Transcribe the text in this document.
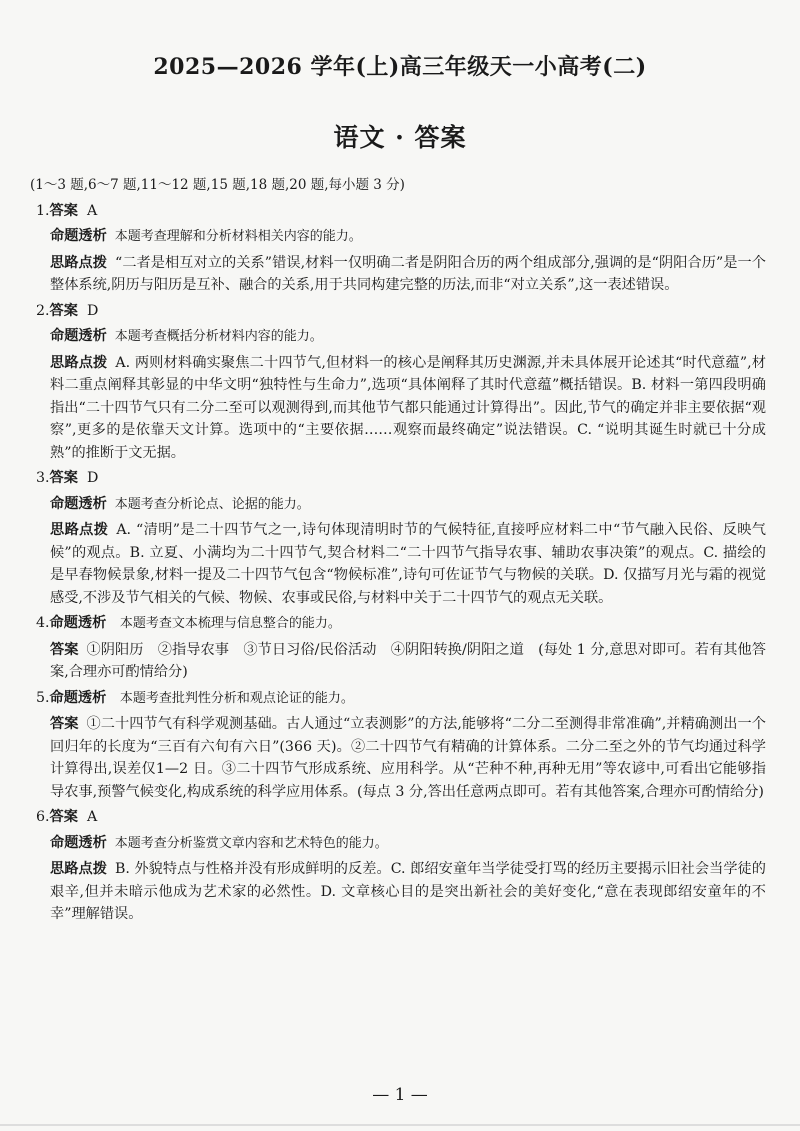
2025—2026 学年(上)高三年级天一小高考(二)
语文 · 答案
(1～3 题,6～7 题,11～12 题,15 题,18 题,20 题,每小题 3 分)
1.答案 A
命题透析 本题考查理解和分析材料相关内容的能力。
思路点拨 “二者是相互对立的关系”错误,材料一仅明确二者是阴阳合历的两个组成部分,强调的是“阴阳合历”是一个整体系统,阴历与阳历是互补、融合的关系,用于共同构建完整的历法,而非“对立关系”,这一表述错误。
2.答案 D
命题透析 本题考查概括分析材料内容的能力。
思路点拨 A. 两则材料确实聚焦二十四节气,但材料一的核心是阐释其历史渊源,并未具体展开论述其“时代意蕴”,材料二重点阐释其彰显的中华文明“独特性与生命力”,选项“具体阐释了其时代意蕴”概括错误。B. 材料一第四段明确指出“二十四节气只有二分二至可以观测得到,而其他节气都只能通过计算得出”。因此,节气的确定并非主要依据“观察”,更多的是依靠天文计算。选项中的“主要依据……观察而最终确定”说法错误。C. “说明其诞生时就已十分成熟”的推断于文无据。
3.答案 D
命题透析 本题考查分析论点、论据的能力。
思路点拨 A. “清明”是二十四节气之一,诗句体现清明时节的气候特征,直接呼应材料二中“节气融入民俗、反映气候”的观点。B. 立夏、小满均为二十四节气,契合材料二“二十四节气指导农事、辅助农事决策”的观点。C. 描绘的是早春物候景象,材料一提及二十四节气包含“物候标准”,诗句可佐证节气与物候的关联。D. 仅描写月光与霜的视觉感受,不涉及节气相关的气候、物候、农事或民俗,与材料中关于二十四节气的观点无关联。
4.命题透析 本题考查文本梳理与信息整合的能力。
答案 ①阴阳历　②指导农事　③节日习俗/民俗活动　④阴阳转换/阴阳之道　(每处 1 分,意思对即可。若有其他答案,合理亦可酌情给分)
5.命题透析 本题考查批判性分析和观点论证的能力。
答案 ①二十四节气有科学观测基础。古人通过“立表测影”的方法,能够将“二分二至测得非常准确”,并精确测出一个回归年的长度为“三百有六旬有六日”(366 天)。②二十四节气有精确的计算体系。二分二至之外的节气均通过科学计算得出,误差仅1—2 日。③二十四节气形成系统、应用科学。从“芒种不种,再种无用”等农谚中,可看出它能够指导农事,预警气候变化,构成系统的科学应用体系。(每点 3 分,答出任意两点即可。若有其他答案,合理亦可酌情给分)
6.答案 A
命题透析 本题考查分析鉴赏文章内容和艺术特色的能力。
思路点拨 B. 外貌特点与性格并没有形成鲜明的反差。C. 郎绍安童年当学徒受打骂的经历主要揭示旧社会当学徒的艰辛,但并未暗示他成为艺术家的必然性。D. 文章核心目的是突出新社会的美好变化,“意在表现郎绍安童年的不幸”理解错误。
— 1 —
